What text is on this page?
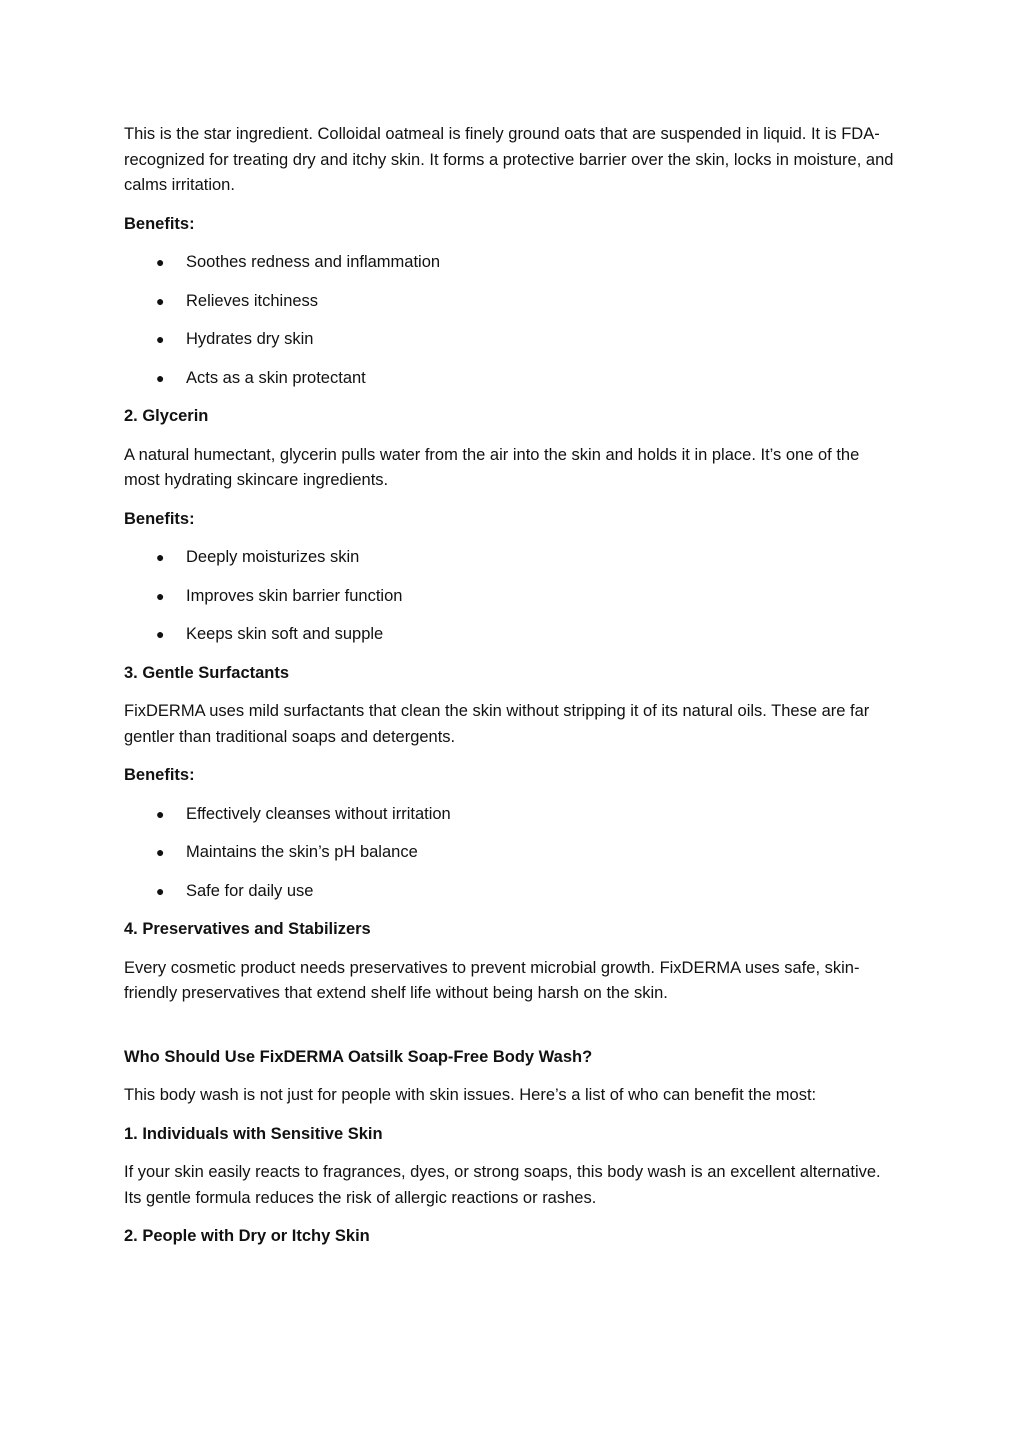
This is the star ingredient. Colloidal oatmeal is finely ground oats that are suspended in liquid. It is FDA-recognized for treating dry and itchy skin. It forms a protective barrier over the skin, locks in moisture, and calms irritation.

Benefits:

● Soothes redness and inflammation
● Relieves itchiness
● Hydrates dry skin
● Acts as a skin protectant

2. Glycerin

A natural humectant, glycerin pulls water from the air into the skin and holds it in place. It’s one of the most hydrating skincare ingredients.

Benefits:

● Deeply moisturizes skin
● Improves skin barrier function
● Keeps skin soft and supple

3. Gentle Surfactants

FixDERMA uses mild surfactants that clean the skin without stripping it of its natural oils. These are far gentler than traditional soaps and detergents.

Benefits:

● Effectively cleanses without irritation
● Maintains the skin’s pH balance
● Safe for daily use

4. Preservatives and Stabilizers

Every cosmetic product needs preservatives to prevent microbial growth. FixDERMA uses safe, skin-friendly preservatives that extend shelf life without being harsh on the skin.

Who Should Use FixDERMA Oatsilk Soap-Free Body Wash?

This body wash is not just for people with skin issues. Here’s a list of who can benefit the most:

1. Individuals with Sensitive Skin

If your skin easily reacts to fragrances, dyes, or strong soaps, this body wash is an excellent alternative. Its gentle formula reduces the risk of allergic reactions or rashes.

2. People with Dry or Itchy Skin
